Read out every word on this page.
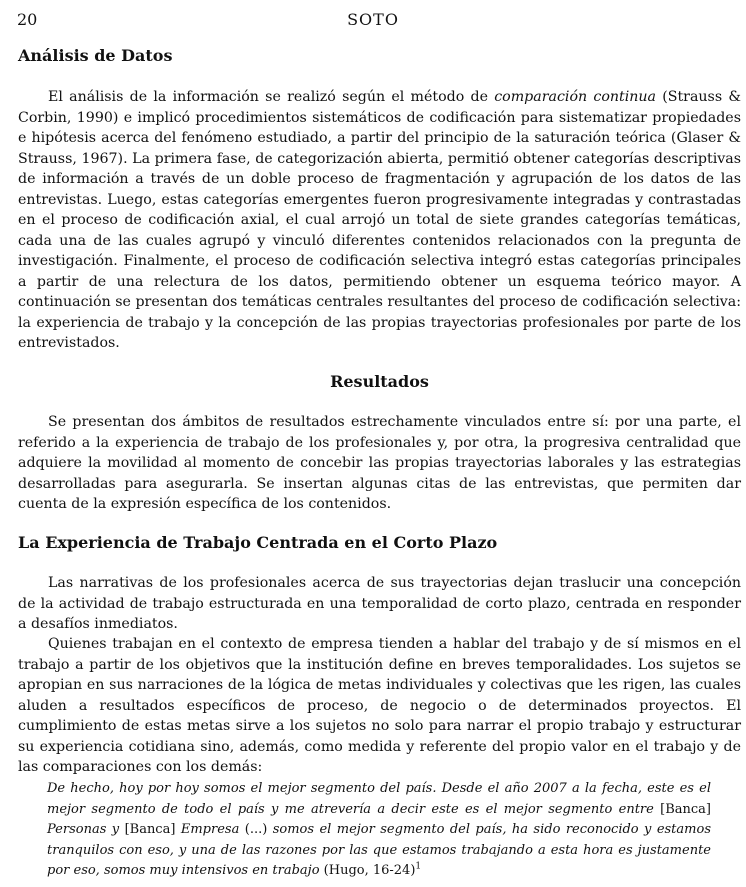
20	SOTO
Análisis de Datos

El análisis de la información se realizó según el método de comparación continua (Strauss & Corbin, 1990) e implicó procedimientos sistemáticos de codificación para sistematizar propiedades e hipótesis acerca del fenómeno estudiado, a partir del principio de la saturación teórica (Glaser & Strauss, 1967). La primera fase, de categorización abierta, permitió obtener categorías descriptivas de información a través de un doble proceso de fragmentación y agrupación de los datos de las entrevistas. Luego, estas categorías emergentes fueron progresivamente integradas y contrastadas en el proceso de codificación axial, el cual arrojó un total de siete grandes categorías temáticas, cada una de las cuales agrupó y vinculó diferentes contenidos relacionados con la pregunta de investigación. Finalmente, el proceso de codificación selectiva integró estas categorías principales a partir de una relectura de los datos, permitiendo obtener un esquema teórico mayor. A continuación se presentan dos temáticas centrales resultantes del proceso de codificación selectiva: la experiencia de trabajo y la concepción de las propias trayectorias profesionales por parte de los entrevistados.

Resultados

Se presentan dos ámbitos de resultados estrechamente vinculados entre sí: por una parte, el referido a la experiencia de trabajo de los profesionales y, por otra, la progresiva centralidad que adquiere la movilidad al momento de concebir las propias trayectorias laborales y las estrategias desarrolladas para asegurarla. Se insertan algunas citas de las entrevistas, que permiten dar cuenta de la expresión específica de los contenidos.

La Experiencia de Trabajo Centrada en el Corto Plazo

Las narrativas de los profesionales acerca de sus trayectorias dejan traslucir una concepción de la actividad de trabajo estructurada en una temporalidad de corto plazo, centrada en responder a desafíos inmediatos.

Quienes trabajan en el contexto de empresa tienden a hablar del trabajo y de sí mismos en el trabajo a partir de los objetivos que la institución define en breves temporalidades. Los sujetos se apropian en sus narraciones de la lógica de metas individuales y colectivas que les rigen, las cuales aluden a resultados específicos de proceso, de negocio o de determinados proyectos. El cumplimiento de estas metas sirve a los sujetos no solo para narrar el propio trabajo y estructurar su experiencia cotidiana sino, además, como medida y referente del propio valor en el trabajo y de las comparaciones con los demás:

De hecho, hoy por hoy somos el mejor segmento del país. Desde el año 2007 a la fecha, este es el mejor segmento de todo el país y me atrevería a decir este es el mejor segmento entre [Banca] Personas y [Banca] Empresa (...) somos el mejor segmento del país, ha sido reconocido y estamos tranquilos con eso, y una de las razones por las que estamos trabajando a esta hora es justamente por eso, somos muy intensivos en trabajo (Hugo, 16-24)$^1$
